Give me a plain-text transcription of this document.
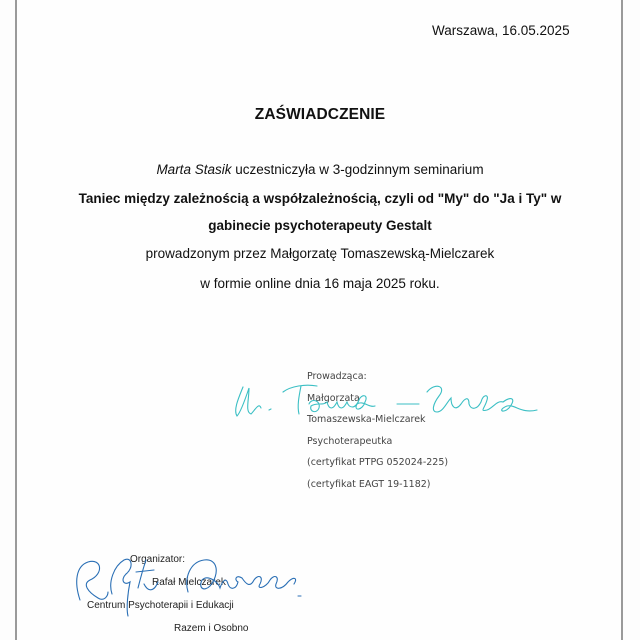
Warszawa, 16.05.2025
ZAŚWIADCZENIE
Marta Stasik uczestniczyła w 3-godzinnym seminarium
Taniec między zależnością a współzależnością, czyli od "My" do "Ja i Ty" w
gabinecie psychoterapeuty Gestalt
prowadzonym przez Małgorzatę Tomaszewską-Mielczarek
w formie online dnia 16 maja 2025 roku.
Prowadząca:
Małgorzata
Tomaszewska-Mielczarek
Psychoterapeutka
(certyfikat PTPG 052024-225)
(certyfikat EAGT 19-1182)
Organizator:
Rafał Mielczarek
Centrum Psychoterapii i Edukacji
Razem i Osobno
